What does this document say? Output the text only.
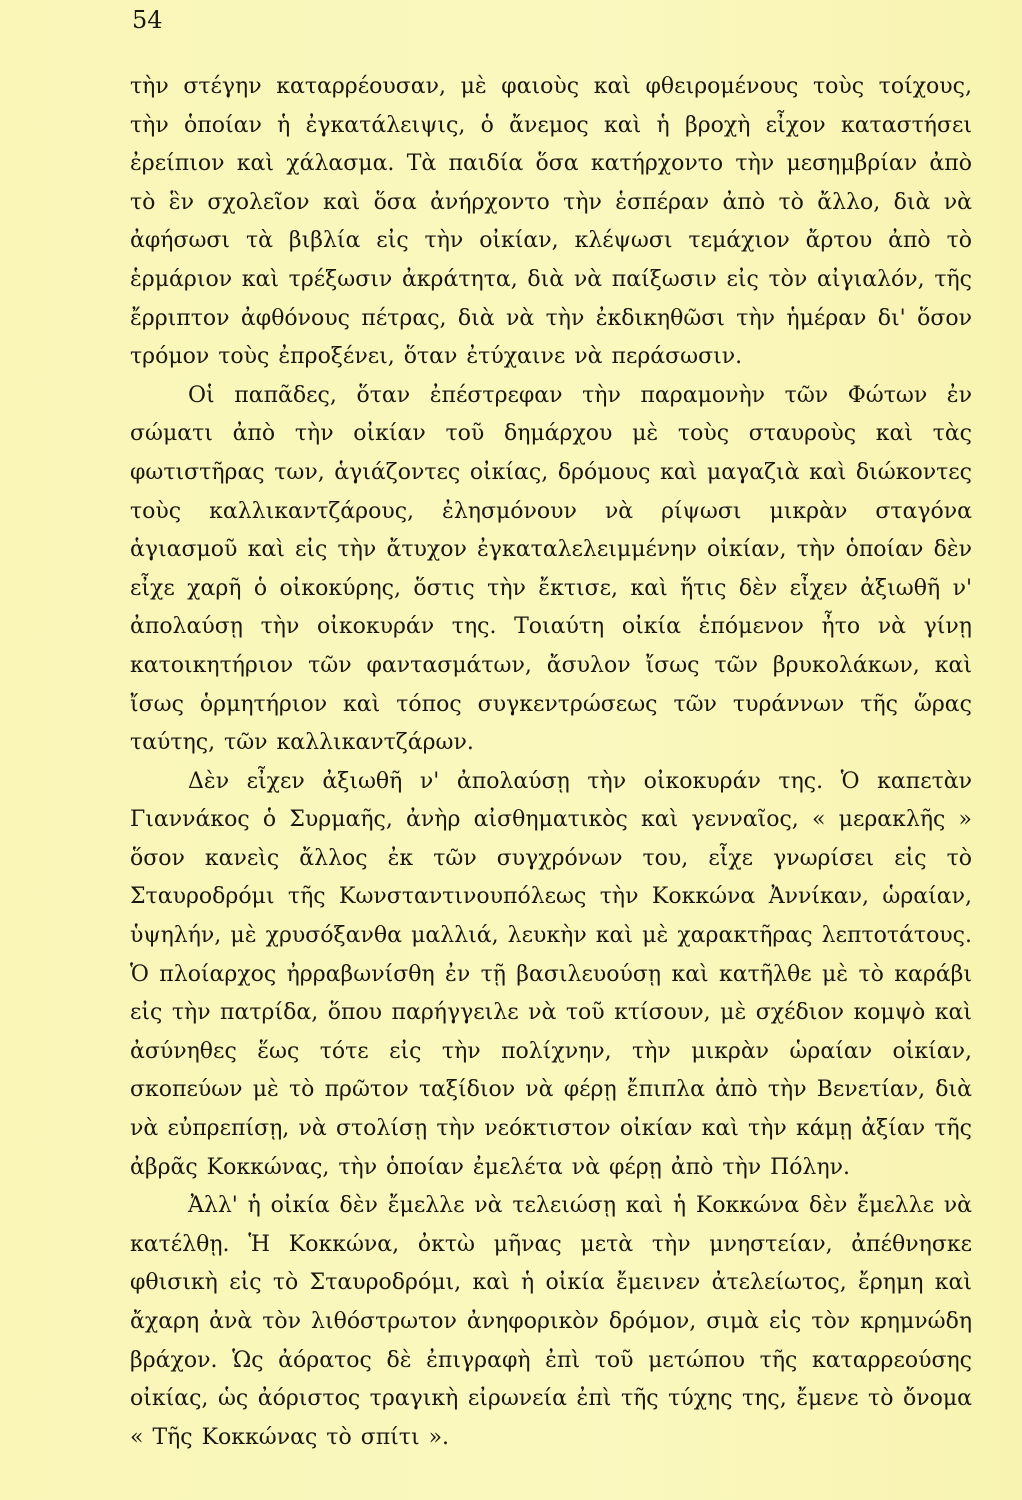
54

τὴν στέγην καταρρέουσαν, μὲ φαιοὺς καὶ φθειρομένους τοὺς τοίχους, τὴν ὁποίαν ἡ ἐγκατάλειψις, ὁ ἄνεμος καὶ ἡ βροχὴ εἶχον καταστήσει ἐρείπιον καὶ χάλασμα. Τὰ παιδία ὅσα κατήρχοντο τὴν μεσημβρίαν ἀπὸ τὸ ἓν σχολεῖον καὶ ὅσα ἀνήρχοντο τὴν ἑσπέραν ἀπὸ τὸ ἄλλο, διὰ νὰ ἀφήσωσι τὰ βιβλία εἰς τὴν οἰκίαν, κλέψωσι τεμάχιον ἄρτου ἀπὸ τὸ ἑρμάριον καὶ τρέξωσιν ἀκράτητα, διὰ νὰ παίξωσιν εἰς τὸν αἰγιαλόν, τῆς ἔρριπτον ἀφθόνους πέτρας, διὰ νὰ τὴν ἐκδικηθῶσι τὴν ἡμέραν δι' ὅσον τρόμον τοὺς ἐπροξένει, ὅταν ἐτύχαινε νὰ περάσωσιν.

Οἱ παπᾶδες, ὅταν ἐπέστρεφαν τὴν παραμονὴν τῶν Φώτων ἐν σώματι ἀπὸ τὴν οἰκίαν τοῦ δημάρχου μὲ τοὺς σταυροὺς καὶ τὰς φωτιστῆρας των, ἁγιάζοντες οἰκίας, δρόμους καὶ μαγαζιὰ καὶ διώκοντες τοὺς καλλικαντζάρους, ἐλησμόνουν νὰ ρίψωσι μικρὰν σταγόνα ἁγιασμοῦ καὶ εἰς τὴν ἄτυχον ἐγκαταλελειμμένην οἰκίαν, τὴν ὁποίαν δὲν εἶχε χαρῆ ὁ οἰκοκύρης, ὅστις τὴν ἔκτισε, καὶ ἥτις δὲν εἶχεν ἀξιωθῆ ν' ἀπολαύσῃ τὴν οἰκοκυράν της. Τοιαύτη οἰκία ἑπόμενον ἦτο νὰ γίνῃ κατοικητήριον τῶν φαντασμάτων, ἄσυλον ἴσως τῶν βρυκολάκων, καὶ ἴσως ὁρμητήριον καὶ τόπος συγκεντρώσεως τῶν τυράννων τῆς ὥρας ταύτης, τῶν καλλικαντζάρων.

Δὲν εἶχεν ἀξιωθῆ ν' ἀπολαύσῃ τὴν οἰκοκυράν της. Ὁ καπετὰν Γιαννάκος ὁ Συρμαῆς, ἀνὴρ αἰσθηματικὸς καὶ γενναῖος, « μερακλῆς » ὅσον κανεὶς ἄλλος ἐκ τῶν συγχρόνων του, εἶχε γνωρίσει εἰς τὸ Σταυροδρόμι τῆς Κωνσταντινουπόλεως τὴν Κοκκώνα Ἀννίκαν, ὡραίαν, ὑψηλήν, μὲ χρυσόξανθα μαλλιά, λευκὴν καὶ μὲ χαρακτῆρας λεπτοτάτους. Ὁ πλοίαρχος ἠρραβωνίσθη ἐν τῇ βασιλευούσῃ καὶ κατῆλθε μὲ τὸ καράβι εἰς τὴν πατρίδα, ὅπου παρήγγειλε νὰ τοῦ κτίσουν, μὲ σχέδιον κομψὸ καὶ ἀσύνηθες ἕως τότε εἰς τὴν πολίχνην, τὴν μικρὰν ὡραίαν οἰκίαν, σκοπεύων μὲ τὸ πρῶτον ταξίδιον νὰ φέρῃ ἔπιπλα ἀπὸ τὴν Βενετίαν, διὰ νὰ εὐπρεπίσῃ, νὰ στολίσῃ τὴν νεόκτιστον οἰκίαν καὶ τὴν κάμῃ ἀξίαν τῆς ἀβρᾶς Κοκκώνας, τὴν ὁποίαν ἐμελέτα νὰ φέρῃ ἀπὸ τὴν Πόλην.

Ἀλλ' ἡ οἰκία δὲν ἔμελλε νὰ τελειώσῃ καὶ ἡ Κοκκώνα δὲν ἔμελλε νὰ κατέλθῃ. Ἡ Κοκκώνα, ὀκτὼ μῆνας μετὰ τὴν μνηστείαν, ἀπέθνησκε φθισικὴ εἰς τὸ Σταυροδρόμι, καὶ ἡ οἰκία ἔμεινεν ἀτελείωτος, ἔρημη καὶ ἄχαρη ἀνὰ τὸν λιθόστρωτον ἀνηφορικὸν δρόμον, σιμὰ εἰς τὸν κρημνώδη βράχον. Ὡς ἀόρατος δὲ ἐπιγραφὴ ἐπὶ τοῦ μετώπου τῆς καταρρεούσης οἰκίας, ὡς ἀόριστος τραγικὴ εἰρωνεία ἐπὶ τῆς τύχης της, ἔμενε τὸ ὄνομα « Τῆς Κοκκώνας τὸ σπίτι ».
